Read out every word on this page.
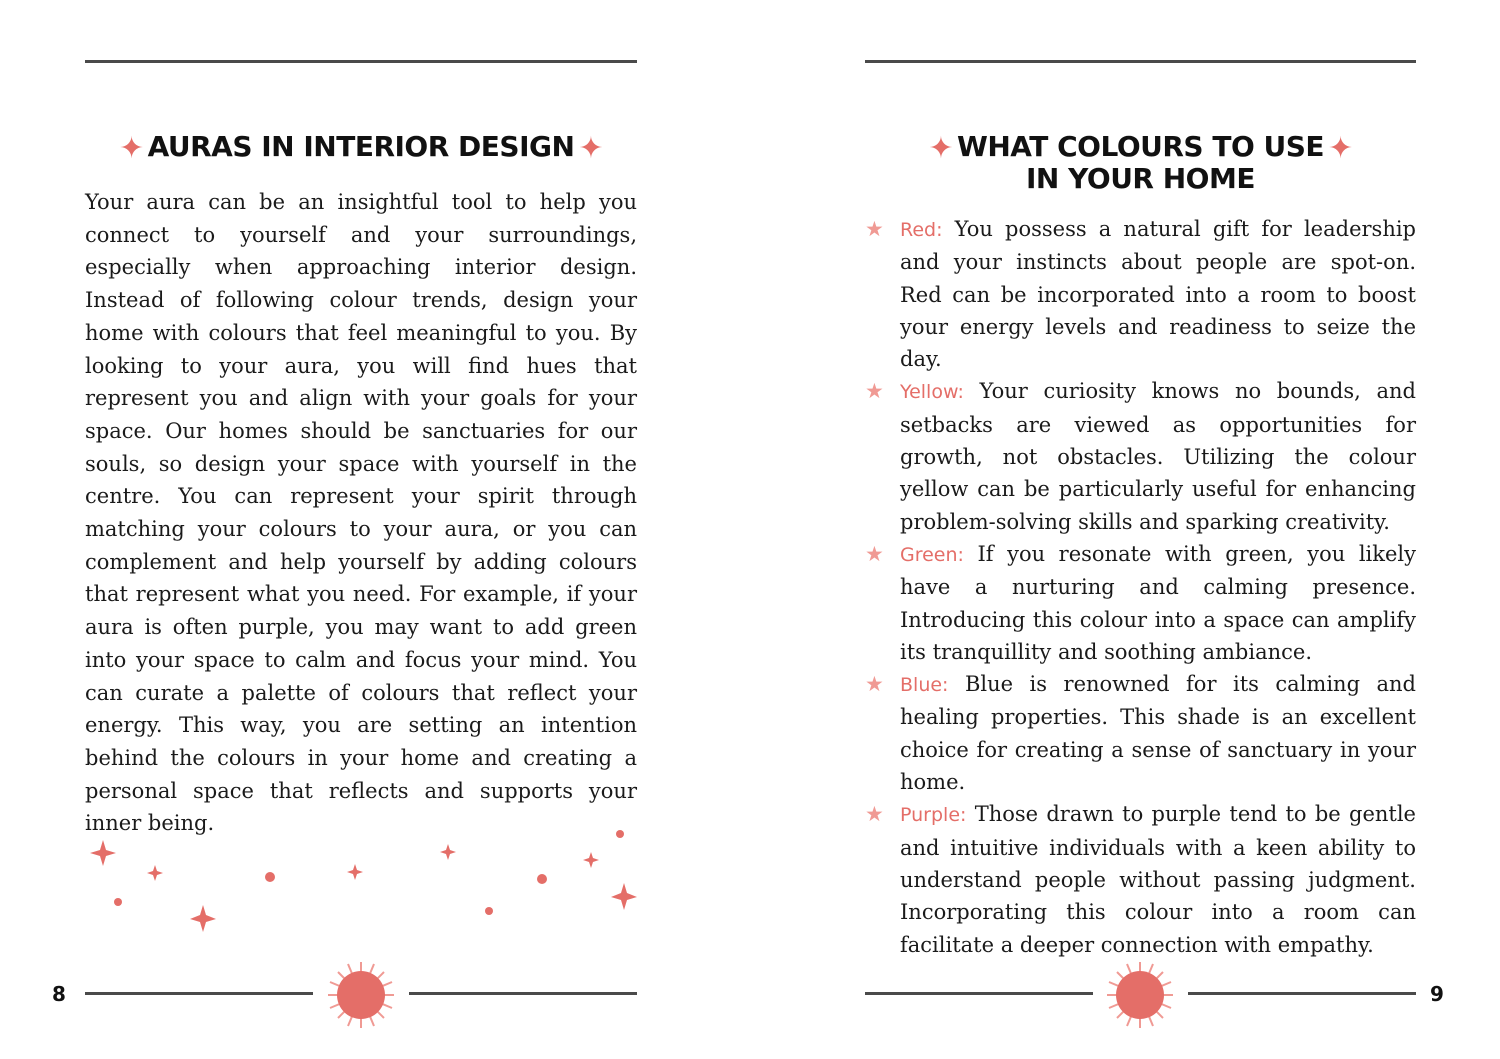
✦ AURAS IN INTERIOR DESIGN ✦
Your aura can be an insightful tool to help you connect to yourself and your surroundings, especially when approaching interior design. Instead of following colour trends, design your home with colours that feel meaningful to you. By looking to your aura, you will find hues that represent you and align with your goals for your space. Our homes should be sanctuaries for our souls, so design your space with yourself in the centre. You can represent your spirit through matching your colours to your aura, or you can complement and help yourself by adding colours that represent what you need. For example, if your aura is often purple, you may want to add green into your space to calm and focus your mind. You can curate a palette of colours that reflect your energy. This way, you are setting an intention behind the colours in your home and creating a personal space that reflects and supports your inner being.
8
✦ WHAT COLOURS TO USE ✦
IN YOUR HOME
★ Red: You possess a natural gift for leadership and your instincts about people are spot-on. Red can be incorporated into a room to boost your energy levels and readiness to seize the day.
★ Yellow: Your curiosity knows no bounds, and setbacks are viewed as opportunities for growth, not obstacles. Utilizing the colour yellow can be particularly useful for enhancing problem-solving skills and sparking creativity.
★ Green: If you resonate with green, you likely have a nurturing and calming presence. Introducing this colour into a space can amplify its tranquillity and soothing ambiance.
★ Blue: Blue is renowned for its calming and healing properties. This shade is an excellent choice for creating a sense of sanctuary in your home.
★ Purple: Those drawn to purple tend to be gentle and intuitive individuals with a keen ability to understand people without passing judgment. Incorporating this colour into a room can facilitate a deeper connection with empathy.
9
